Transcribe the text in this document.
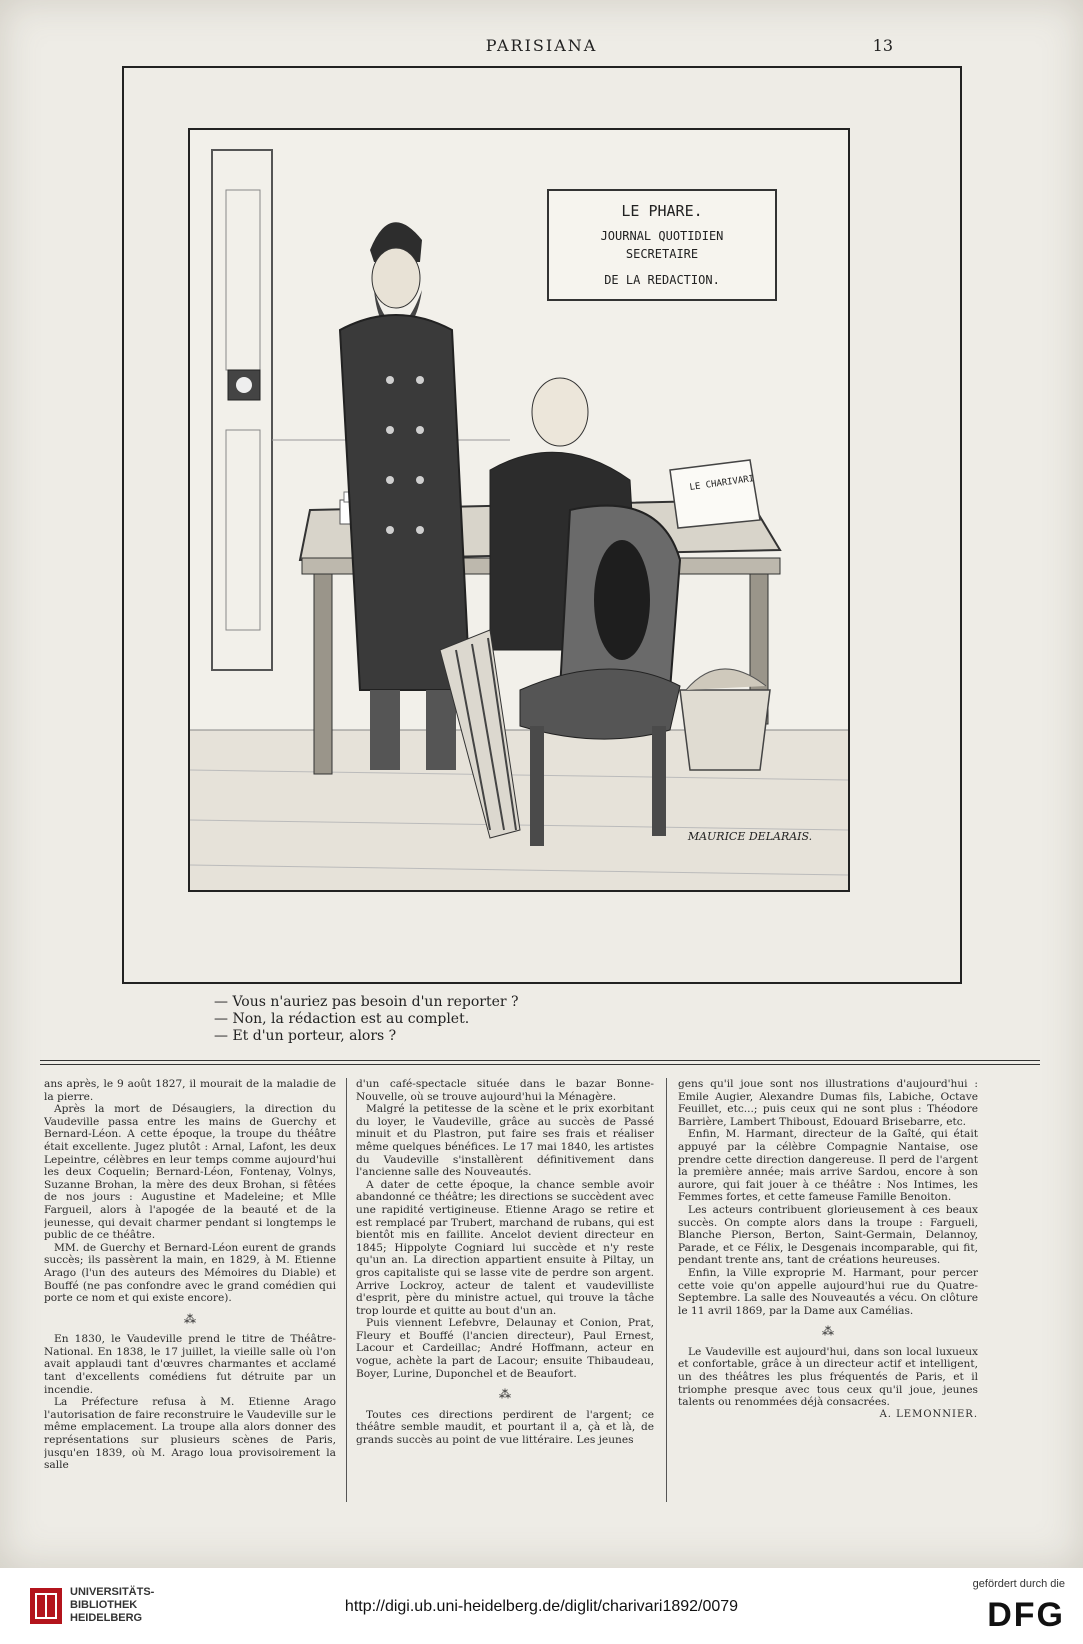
PARISIANA	13
LE PHARE.
JOURNAL QUOTIDIEN
SECRETAIRE
DE LA REDACTION.
LE CHARIVARI
MAURICE DELARAIS.
— Vous n'auriez pas besoin d'un reporter ?
— Non, la rédaction est au complet.
— Et d'un porteur, alors ?

ans après, le 9 août 1827, il mourait de la maladie de la pierre.

Après la mort de Désaugiers, la direction du Vaudeville passa entre les mains de Guerchy et Bernard-Léon. A cette époque, la troupe du théâtre était excellente. Jugez plutôt : Arnal, Lafont, les deux Lepeintre, célèbres en leur temps comme aujourd'hui les deux Coquelin; Bernard-Léon, Fontenay, Volnys, Suzanne Brohan, la mère des deux Brohan, si fêtées de nos jours : Augustine et Madeleine; et Mlle Fargueil, alors à l'apogée de la beauté et de la jeunesse, qui devait charmer pendant si longtemps le public de ce théâtre.

MM. de Guerchy et Bernard-Léon eurent de grands succès; ils passèrent la main, en 1829, à M. Etienne Arago (l'un des auteurs des Mémoires du Diable) et Bouffé (ne pas confondre avec le grand comédien qui porte ce nom et qui existe encore).

⁂

En 1830, le Vaudeville prend le titre de Théâtre-National. En 1838, le 17 juillet, la vieille salle où l'on avait applaudi tant d'œuvres charmantes et acclamé tant d'excellents comédiens fut détruite par un incendie.

La Préfecture refusa à M. Etienne Arago l'autorisation de faire reconstruire le Vaudeville sur le même emplacement. La troupe alla alors donner des représentations sur plusieurs scènes de Paris, jusqu'en 1839, où M. Arago loua provisoirement la salle

d'un café-spectacle située dans le bazar Bonne-Nouvelle, où se trouve aujourd'hui la Ménagère.

Malgré la petitesse de la scène et le prix exorbitant du loyer, le Vaudeville, grâce au succès de Passé minuit et du Plastron, put faire ses frais et réaliser même quelques bénéfices. Le 17 mai 1840, les artistes du Vaudeville s'installèrent définitivement dans l'ancienne salle des Nouveautés.

A dater de cette époque, la chance semble avoir abandonné ce théâtre; les directions se succèdent avec une rapidité vertigineuse. Etienne Arago se retire et est remplacé par Trubert, marchand de rubans, qui est bientôt mis en faillite. Ancelot devient directeur en 1845; Hippolyte Cogniard lui succède et n'y reste qu'un an. La direction appartient ensuite à Piltay, un gros capitaliste qui se lasse vite de perdre son argent. Arrive Lockroy, acteur de talent et vaudevilliste d'esprit, père du ministre actuel, qui trouve la tâche trop lourde et quitte au bout d'un an.

Puis viennent Lefebvre, Delaunay et Conion, Prat, Fleury et Bouffé (l'ancien directeur), Paul Ernest, Lacour et Cardeillac; André Hoffmann, acteur en vogue, achète la part de Lacour; ensuite Thibaudeau, Boyer, Lurine, Duponchel et de Beaufort.

⁂

Toutes ces directions perdirent de l'argent; ce théâtre semble maudit, et pourtant il a, çà et là, de grands succès au point de vue littéraire. Les jeunes

gens qu'il joue sont nos illustrations d'aujourd'hui : Emile Augier, Alexandre Dumas fils, Labiche, Octave Feuillet, etc...; puis ceux qui ne sont plus : Théodore Barrière, Lambert Thiboust, Edouard Brisebarre, etc.

Enfin, M. Harmant, directeur de la Gaîté, qui était appuyé par la célèbre Compagnie Nantaise, ose prendre cette direction dangereuse. Il perd de l'argent la première année; mais arrive Sardou, encore à son aurore, qui fait jouer à ce théâtre : Nos Intimes, les Femmes fortes, et cette fameuse Famille Benoiton.

Les acteurs contribuent glorieusement à ces beaux succès. On compte alors dans la troupe : Fargueli, Blanche Pierson, Berton, Saint-Germain, Delannoy, Parade, et ce Félix, le Desgenais incomparable, qui fit, pendant trente ans, tant de créations heureuses.

Enfin, la Ville exproprie M. Harmant, pour percer cette voie qu'on appelle aujourd'hui rue du Quatre-Septembre. La salle des Nouveautés a vécu. On clôture le 11 avril 1869, par la Dame aux Camélias.

⁂

Le Vaudeville est aujourd'hui, dans son local luxueux et confortable, grâce à un directeur actif et intelligent, un des théâtres les plus fréquentés de Paris, et il triomphe presque avec tous ceux qu'il joue, jeunes talents ou renommées déjà consacrées.

A. LEMONNIER.

UNIVERSITÄTS-
BIBLIOTHEK
HEIDELBERG
http://digi.ub.uni-heidelberg.de/diglit/charivari1892/0079
gefördert durch die
DFG
